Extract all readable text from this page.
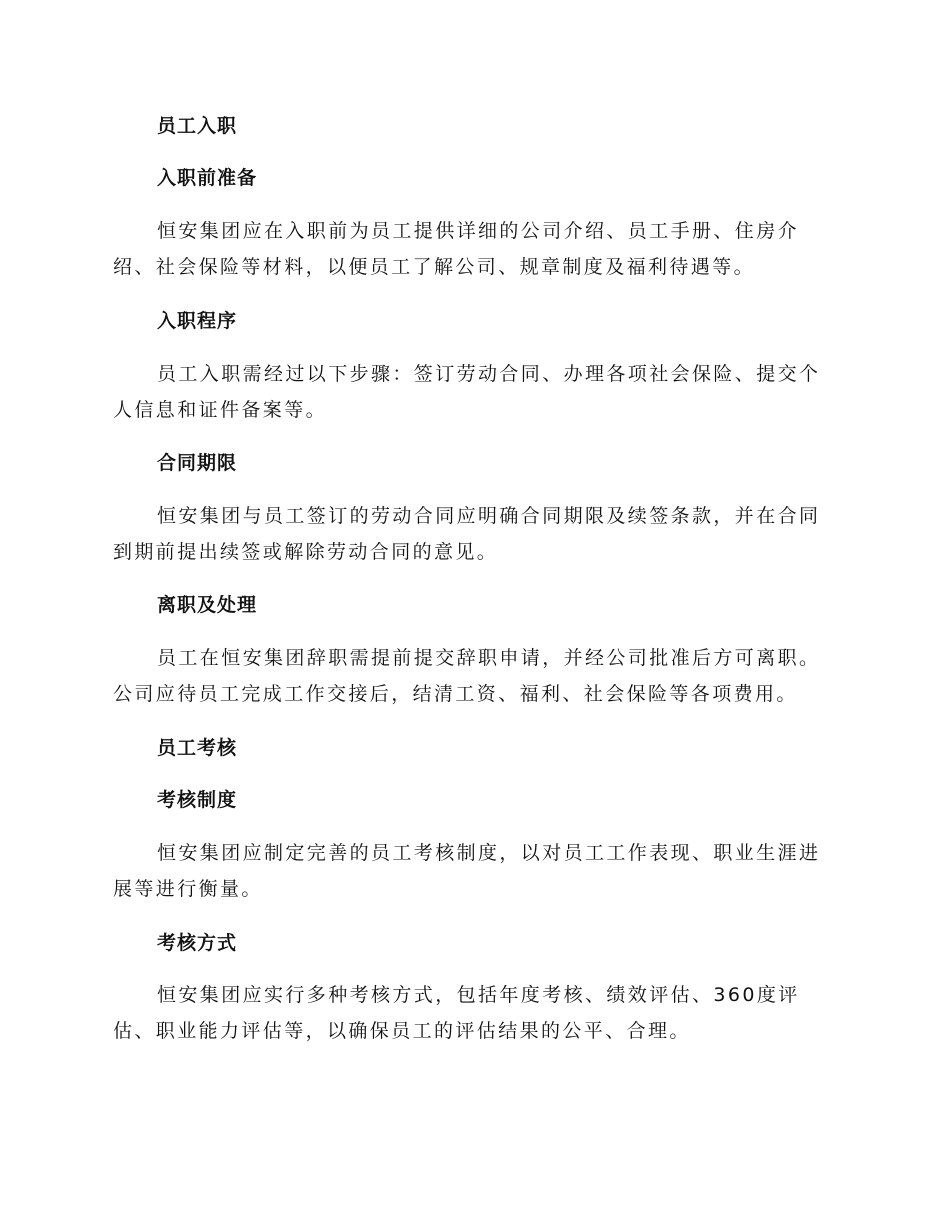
员工入职
入职前准备

恒安集团应在入职前为员工提供详细的公司介绍、员工手册、住房介绍、社会保险等材料，以便员工了解公司、规章制度及福利待遇等。

入职程序

员工入职需经过以下步骤：签订劳动合同、办理各项社会保险、提交个人信息和证件备案等。

合同期限

恒安集团与员工签订的劳动合同应明确合同期限及续签条款，并在合同到期前提出续签或解除劳动合同的意见。

离职及处理

员工在恒安集团辞职需提前提交辞职申请，并经公司批准后方可离职。公司应待员工完成工作交接后，结清工资、福利、社会保险等各项费用。

员工考核
考核制度

恒安集团应制定完善的员工考核制度，以对员工工作表现、职业生涯进展等进行衡量。

考核方式

恒安集团应实行多种考核方式，包括年度考核、绩效评估、360度评估、职业能力评估等，以确保员工的评估结果的公平、合理。
